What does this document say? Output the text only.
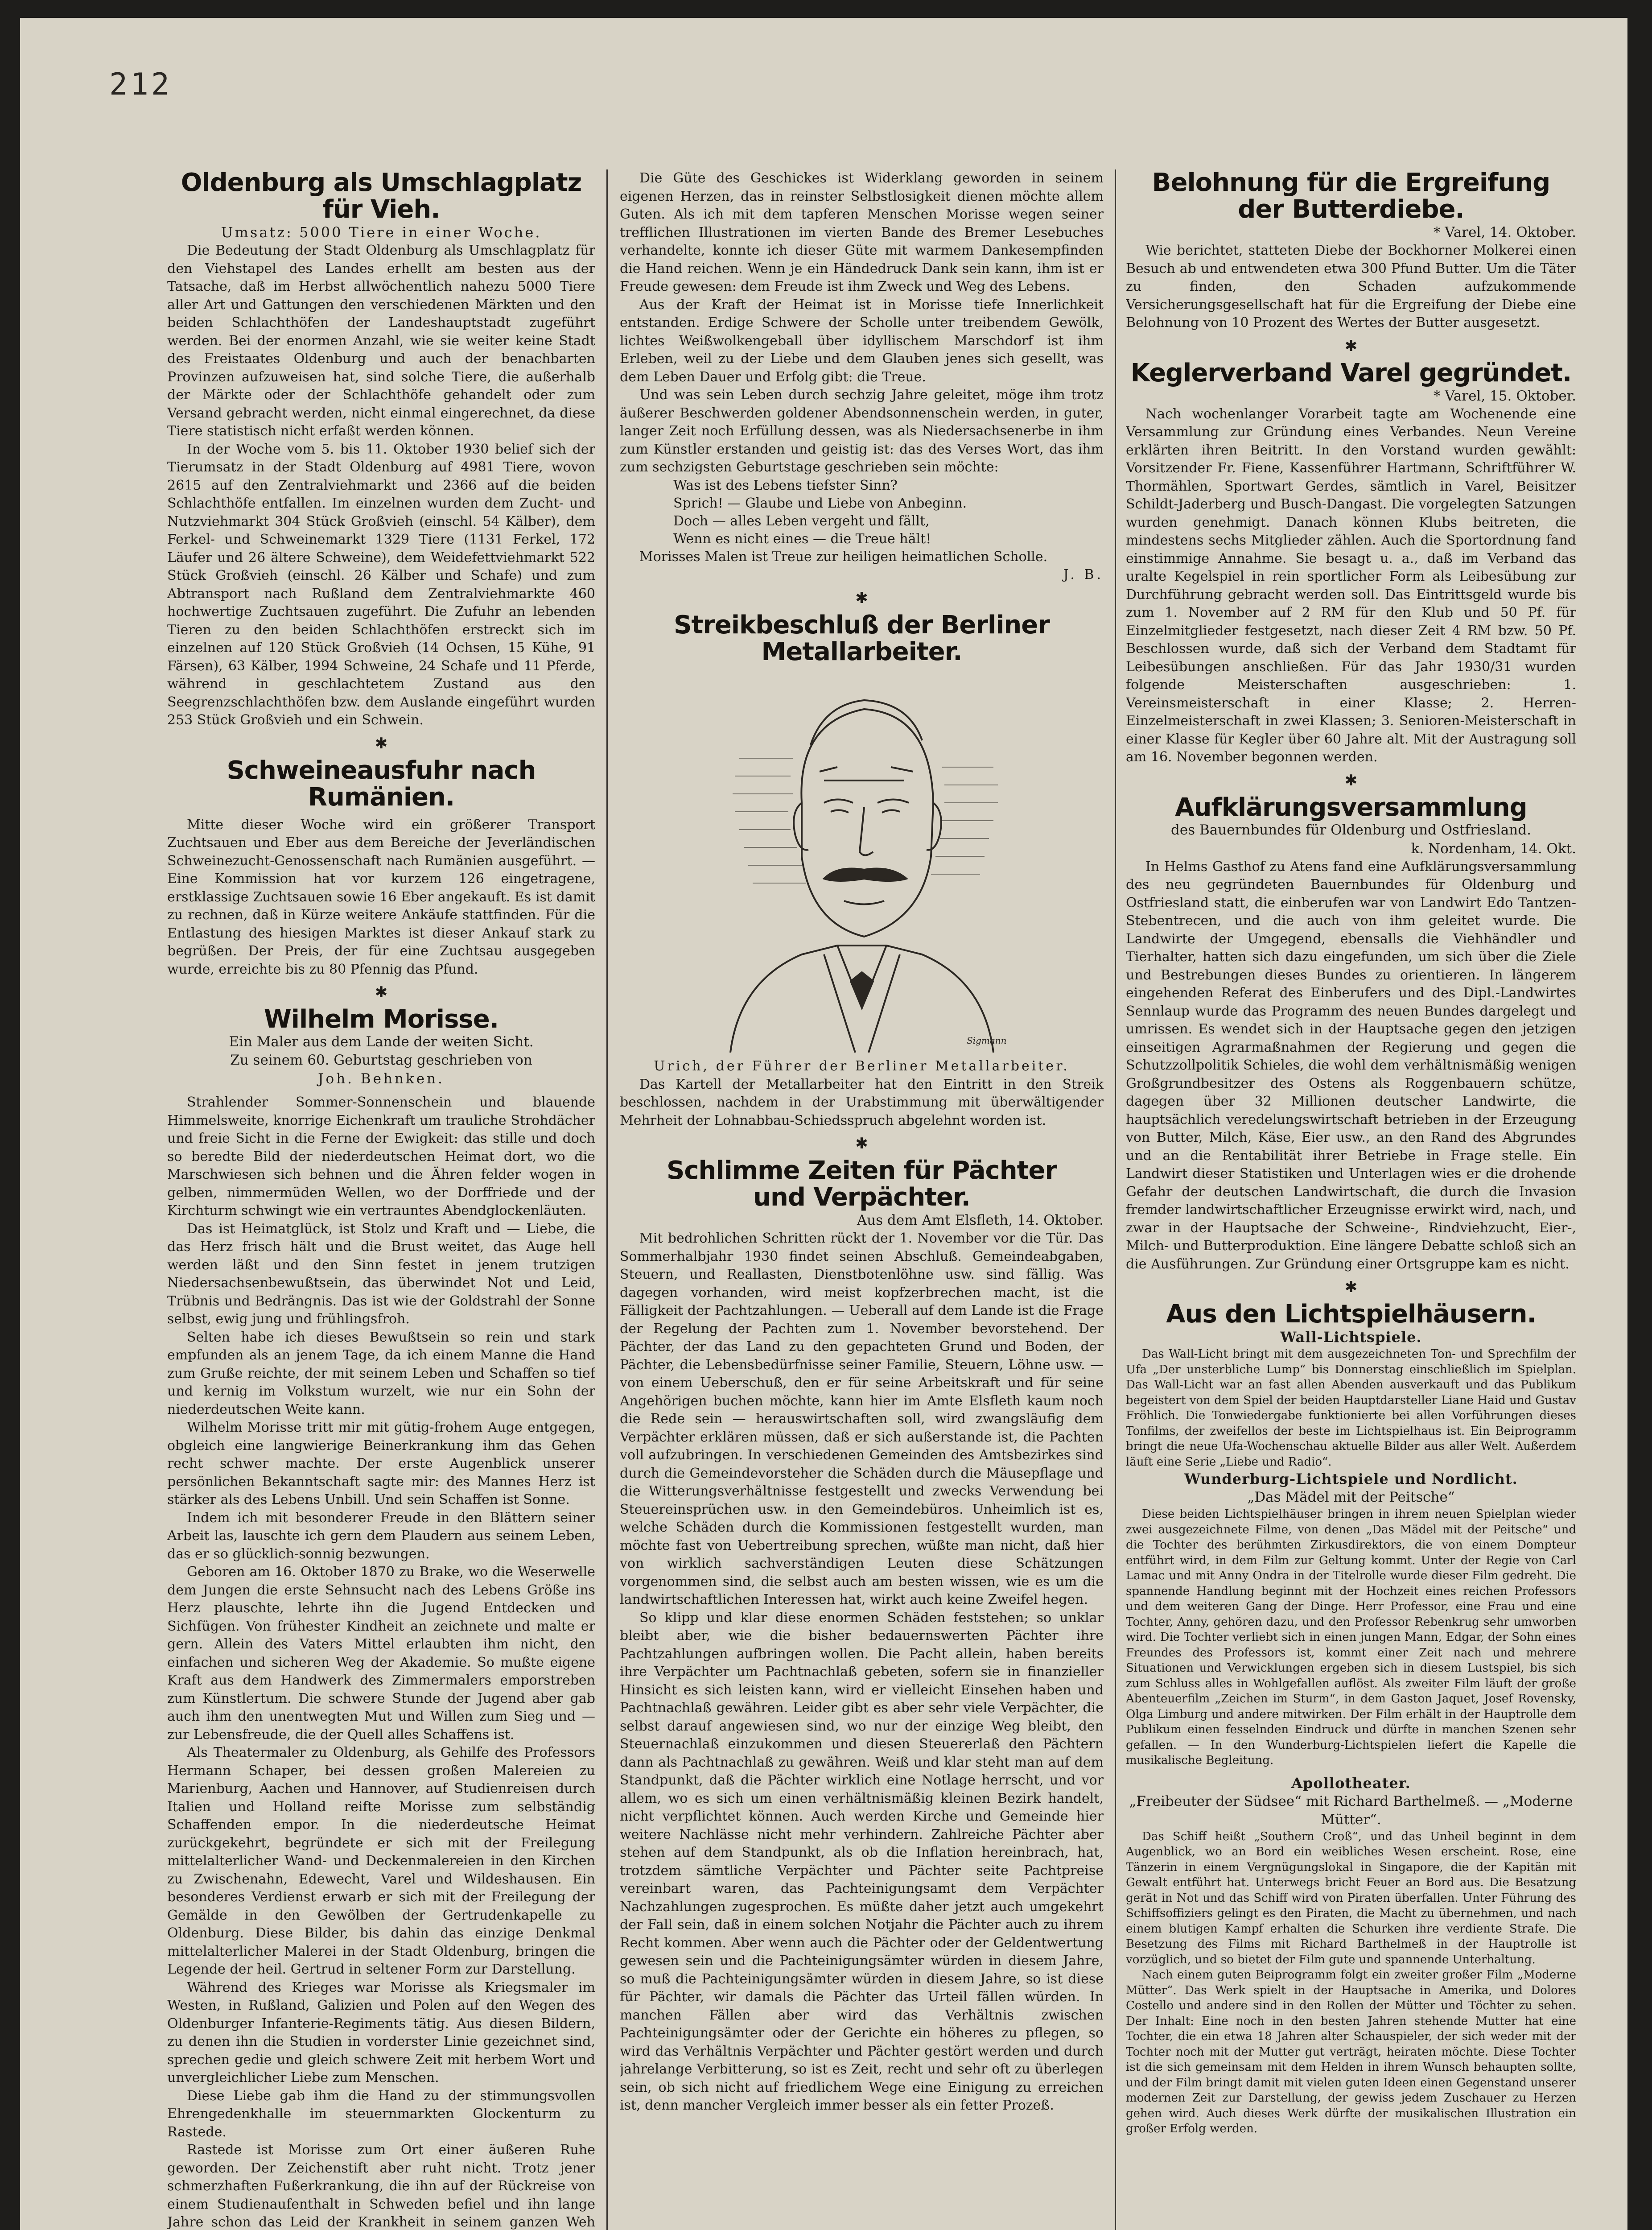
212
Oldenburg als Umschlagplatz für Vieh.
Umsatz: 5000 Tiere in einer Woche.

Die Bedeutung der Stadt Oldenburg als Umschlagplatz für den Viehstapel des Landes erhellt am besten aus der Tatsache, daß im Herbst allwöchentlich nahezu 5000 Tiere aller Art und Gattungen den verschiedenen Märkten und den beiden Schlachthöfen der Landeshauptstadt zugeführt werden. Bei der enormen Anzahl, wie sie weiter keine Stadt des Freistaates Oldenburg und auch der benachbarten Provinzen aufzuweisen hat, sind solche Tiere, die außerhalb der Märkte oder der Schlachthöfe gehandelt oder zum Versand gebracht werden, nicht einmal eingerechnet, da diese Tiere statistisch nicht erfaßt werden können.

In der Woche vom 5. bis 11. Oktober 1930 belief sich der Tierumsatz in der Stadt Oldenburg auf 4981 Tiere, wovon 2615 auf den Zentralviehmarkt und 2366 auf die beiden Schlachthöfe entfallen. Im einzelnen wurden dem Zucht- und Nutzviehmarkt 304 Stück Großvieh (einschl. 54 Kälber), dem Ferkel- und Schweinemarkt 1329 Tiere (1131 Ferkel, 172 Läufer und 26 ältere Schweine), dem Weidefettviehmarkt 522 Stück Großvieh (einschl. 26 Kälber und Schafe) und zum Abtransport nach Rußland dem Zentralviehmarkte 460 hochwertige Zuchtsauen zugeführt. Die Zufuhr an lebenden Tieren zu den beiden Schlachthöfen erstreckt sich im einzelnen auf 120 Stück Großvieh (14 Ochsen, 15 Kühe, 91 Färsen), 63 Kälber, 1994 Schweine, 24 Schafe und 11 Pferde, während in geschlachtetem Zustand aus den Seegrenzschlachthöfen bzw. dem Auslande eingeführt wurden 253 Stück Großvieh und ein Schwein.

✱
Schweineausfuhr nach Rumänien.

Mitte dieser Woche wird ein größerer Transport Zuchtsauen und Eber aus dem Bereiche der Jeverländischen Schweinezucht-Genossenschaft nach Rumänien ausgeführt. — Eine Kommission hat vor kurzem 126 eingetragene, erstklassige Zuchtsauen sowie 16 Eber angekauft. Es ist damit zu rechnen, daß in Kürze weitere Ankäufe stattfinden. Für die Entlastung des hiesigen Marktes ist dieser Ankauf stark zu begrüßen. Der Preis, der für eine Zuchtsau ausgegeben wurde, erreichte bis zu 80 Pfennig das Pfund.

✱
Wilhelm Morisse.
Ein Maler aus dem Lande der weiten Sicht.
Zu seinem 60. Geburtstag geschrieben von
Joh. Behnken.

Strahlender Sommer-Sonnenschein und blauende Himmelsweite, knorrige Eichenkraft um trauliche Strohdächer und freie Sicht in die Ferne der Ewigkeit: das stille und doch so beredte Bild der niederdeutschen Heimat dort, wo die Marschwiesen sich behnen und die Ähren felder wogen in gelben, nimmermüden Wellen, wo der Dorffriede und der Kirchturm schwingt wie ein vertrauntes Abendglockenläuten.

Das ist Heimatglück, ist Stolz und Kraft und — Liebe, die das Herz frisch hält und die Brust weitet, das Auge hell werden läßt und den Sinn festet in jenem trutzigen Niedersachsenbewußtsein, das überwindet Not und Leid, Trübnis und Bedrängnis. Das ist wie der Goldstrahl der Sonne selbst, ewig jung und frühlingsfroh.

Selten habe ich dieses Bewußtsein so rein und stark empfunden als an jenem Tage, da ich einem Manne die Hand zum Gruße reichte, der mit seinem Leben und Schaffen so tief und kernig im Volkstum wurzelt, wie nur ein Sohn der niederdeutschen Weite kann.

Wilhelm Morisse tritt mir mit gütig-frohem Auge entgegen, obgleich eine langwierige Beinerkrankung ihm das Gehen recht schwer machte. Der erste Augenblick unserer persönlichen Bekanntschaft sagte mir: des Mannes Herz ist stärker als des Lebens Unbill. Und sein Schaffen ist Sonne.

Indem ich mit besonderer Freude in den Blättern seiner Arbeit las, lauschte ich gern dem Plaudern aus seinem Leben, das er so glücklich-sonnig bezwungen.

Geboren am 16. Oktober 1870 zu Brake, wo die Weserwelle dem Jungen die erste Sehnsucht nach des Lebens Größe ins Herz plauschte, lehrte ihn die Jugend Entdecken und Sichfügen. Von frühester Kindheit an zeichnete und malte er gern. Allein des Vaters Mittel erlaubten ihm nicht, den einfachen und sicheren Weg der Akademie. So mußte eigene Kraft aus dem Handwerk des Zimmermalers emporstreben zum Künstlertum. Die schwere Stunde der Jugend aber gab auch ihm den unentwegten Mut und Willen zum Sieg und — zur Lebensfreude, die der Quell alles Schaffens ist.

Als Theatermaler zu Oldenburg, als Gehilfe des Professors Hermann Schaper, bei dessen großen Malereien zu Marienburg, Aachen und Hannover, auf Studienreisen durch Italien und Holland reifte Morisse zum selbständig Schaffenden empor. In die niederdeutsche Heimat zurückgekehrt, begründete er sich mit der Freilegung mittelalterlicher Wand- und Deckenmalereien in den Kirchen zu Zwischenahn, Edewecht, Varel und Wildeshausen. Ein besonderes Verdienst erwarb er sich mit der Freilegung der Gemälde in den Gewölben der Gertrudenkapelle zu Oldenburg. Diese Bilder, bis dahin das einzige Denkmal mittelalterlicher Malerei in der Stadt Oldenburg, bringen die Legende der heil. Gertrud in seltener Form zur Darstellung.

Während des Krieges war Morisse als Kriegsmaler im Westen, in Rußland, Galizien und Polen auf den Wegen des Oldenburger Infanterie-Regiments tätig. Aus diesen Bildern, zu denen ihn die Studien in vorderster Linie gezeichnet sind, sprechen gedie und gleich schwere Zeit mit herbem Wort und unvergleichlicher Liebe zum Menschen.

Diese Liebe gab ihm die Hand zu der stimmungsvollen Ehrengedenkhalle im steuernmarkten Glockenturm zu Rastede.

Rastede ist Morisse zum Ort einer äußeren Ruhe geworden. Der Zeichenstift aber ruht nicht. Trotz jener schmerzhaften Fußerkrankung, die ihn auf der Rückreise von einem Studienaufenthalt in Schweden befiel und ihn lange Jahre schon das Leid der Krankheit in seinem ganzen Weh

Die Güte des Geschickes ist Widerklang geworden in seinem eigenen Herzen, das in reinster Selbstlosigkeit dienen möchte allem Guten. Als ich mit dem tapferen Menschen Morisse wegen seiner trefflichen Illustrationen im vierten Bande des Bremer Lesebuches verhandelte, konnte ich dieser Güte mit warmem Dankesempfinden die Hand reichen. Wenn je ein Händedruck Dank sein kann, ihm ist er Freude gewesen: dem Freude ist ihm Zweck und Weg des Lebens.

Aus der Kraft der Heimat ist in Morisse tiefe Innerlichkeit entstanden. Erdige Schwere der Scholle unter treibendem Gewölk, lichtes Weißwolkengeball über idyllischem Marschdorf ist ihm Erleben, weil zu der Liebe und dem Glauben jenes sich gesellt, was dem Leben Dauer und Erfolg gibt: die Treue.

Und was sein Leben durch sechzig Jahre geleitet, möge ihm trotz äußerer Beschwerden goldener Abendsonnenschein werden, in guter, langer Zeit noch Erfüllung dessen, was als Niedersachsenerbe in ihm zum Künstler erstanden und geistig ist: das des Verses Wort, das ihm zum sechzigsten Geburtstage geschrieben sein möchte:

Was ist des Lebens tiefster Sinn?
Sprich! — Glaube und Liebe von Anbeginn.
Doch — alles Leben vergeht und fällt,
Wenn es nicht eines — die Treue hält!

Morisses Malen ist Treue zur heiligen heimatlichen Scholle.

J. B.
✱
Streikbeschluß der Berliner Metallarbeiter.
Sigmann
Urich, der Führer der Berliner Metallarbeiter.

Das Kartell der Metallarbeiter hat den Eintritt in den Streik beschlossen, nachdem in der Urabstimmung mit überwältigender Mehrheit der Lohnabbau-Schiedsspruch abgelehnt worden ist.

✱
Schlimme Zeiten für Pächter
und Verpächter.
Aus dem Amt Elsfleth, 14. Oktober.

Mit bedrohlichen Schritten rückt der 1. November vor die Tür. Das Sommerhalbjahr 1930 findet seinen Abschluß. Gemeindeabgaben, Steuern, und Reallasten, Dienstbotenlöhne usw. sind fällig. Was dagegen vorhanden, wird meist kopfzerbrechen macht, ist die Fälligkeit der Pachtzahlungen. — Ueberall auf dem Lande ist die Frage der Regelung der Pachten zum 1. November bevorstehend. Der Pächter, der das Land zu den gepachteten Grund und Boden, der Pächter, die Lebensbedürfnisse seiner Familie, Steuern, Löhne usw. — von einem Ueberschuß, den er für seine Arbeitskraft und für seine Angehörigen buchen möchte, kann hier im Amte Elsfleth kaum noch die Rede sein — herauswirtschaften soll, wird zwangsläufig dem Verpächter erklären müssen, daß er sich außerstande ist, die Pachten voll aufzubringen. In verschiedenen Gemeinden des Amtsbezirkes sind durch die Gemeindevorsteher die Schäden durch die Mäusepflage und die Witterungsverhältnisse festgestellt und zwecks Verwendung bei Steuereinsprüchen usw. in den Gemeindebüros. Unheimlich ist es, welche Schäden durch die Kommissionen festgestellt wurden, man möchte fast von Uebertreibung sprechen, wüßte man nicht, daß hier von wirklich sachverständigen Leuten diese Schätzungen vorgenommen sind, die selbst auch am besten wissen, wie es um die landwirtschaftlichen Interessen hat, wirkt auch keine Zweifel hegen.

So klipp und klar diese enormen Schäden feststehen; so unklar bleibt aber, wie die bisher bedauernswerten Pächter ihre Pachtzahlungen aufbringen wollen. Die Pacht allein, haben bereits ihre Verpächter um Pachtnachlaß gebeten, sofern sie in finanzieller Hinsicht es sich leisten kann, wird er vielleicht Einsehen haben und Pachtnachlaß gewähren. Leider gibt es aber sehr viele Verpächter, die selbst darauf angewiesen sind, wo nur der einzige Weg bleibt, den Steuernachlaß einzukommen und diesen Steuererlaß den Pächtern dann als Pachtnachlaß zu gewähren. Weiß und klar steht man auf dem Standpunkt, daß die Pächter wirklich eine Notlage herrscht, und vor allem, wo es sich um einen verhältnismäßig kleinen Bezirk handelt, nicht verpflichtet können. Auch werden Kirche und Gemeinde hier weitere Nachlässe nicht mehr verhindern. Zahlreiche Pächter aber stehen auf dem Standpunkt, als ob die Inflation hereinbrach, hat, trotzdem sämtliche Verpächter und Pächter seite Pachtpreise vereinbart waren, das Pachteinigungsamt dem Verpächter Nachzahlungen zugesprochen. Es müßte daher jetzt auch umgekehrt der Fall sein, daß in einem solchen Notjahr die Pächter auch zu ihrem Recht kommen. Aber wenn auch die Pächter oder der Geldentwertung gewesen sein und die Pachteinigungsämter würden in diesem Jahre, so muß die Pachteinigungsämter würden in diesem Jahre, so ist diese für Pächter, wir damals die Pächter das Urteil fällen würden. In manchen Fällen aber wird das Verhältnis zwischen Pachteinigungsämter oder der Gerichte ein höheres zu pflegen, so wird das Verhältnis Verpächter und Pächter gestört werden und durch jahrelange Verbitterung, so ist es Zeit, recht und sehr oft zu überlegen sein, ob sich nicht auf friedlichem Wege eine Einigung zu erreichen ist, denn mancher Vergleich immer besser als ein fetter Prozeß.

Belohnung für die Ergreifung
der Butterdiebe.
* Varel, 14. Oktober.

Wie berichtet, statteten Diebe der Bockhorner Molkerei einen Besuch ab und entwendeten etwa 300 Pfund Butter. Um die Täter zu finden, den Schaden aufzukommende Versicherungsgesellschaft hat für die Ergreifung der Diebe eine Belohnung von 10 Prozent des Wertes der Butter ausgesetzt.

✱
Keglerverband Varel gegründet.
* Varel, 15. Oktober.

Nach wochenlanger Vorarbeit tagte am Wochenende eine Versammlung zur Gründung eines Verbandes. Neun Vereine erklärten ihren Beitritt. In den Vorstand wurden gewählt: Vorsitzender Fr. Fiene, Kassenführer Hartmann, Schriftführer W. Thormählen, Sportwart Gerdes, sämtlich in Varel, Beisitzer Schildt-Jaderberg und Busch-Dangast. Die vorgelegten Satzungen wurden genehmigt. Danach können Klubs beitreten, die mindestens sechs Mitglieder zählen. Auch die Sportordnung fand einstimmige Annahme. Sie besagt u. a., daß im Verband das uralte Kegelspiel in rein sportlicher Form als Leibesübung zur Durchführung gebracht werden soll. Das Eintrittsgeld wurde bis zum 1. November auf 2 RM für den Klub und 50 Pf. für Einzelmitglieder festgesetzt, nach dieser Zeit 4 RM bzw. 50 Pf. Beschlossen wurde, daß sich der Verband dem Stadtamt für Leibesübungen anschließen. Für das Jahr 1930/31 wurden folgende Meisterschaften ausgeschrieben: 1. Vereinsmeisterschaft in einer Klasse; 2. Herren-Einzelmeisterschaft in zwei Klassen; 3. Senioren-Meisterschaft in einer Klasse für Kegler über 60 Jahre alt. Mit der Austragung soll am 16. November begonnen werden.

✱
Aufklärungsversammlung
des Bauernbundes für Oldenburg und Ostfriesland.
k. Nordenham, 14. Okt.

In Helms Gasthof zu Atens fand eine Aufklärungsversammlung des neu gegründeten Bauernbundes für Oldenburg und Ostfriesland statt, die einberufen war von Landwirt Edo Tantzen-Stebentrecen, und die auch von ihm geleitet wurde. Die Landwirte der Umgegend, ebensalls die Viehhändler und Tierhalter, hatten sich dazu eingefunden, um sich über die Ziele und Bestrebungen dieses Bundes zu orientieren. In längerem eingehenden Referat des Einberufers und des Dipl.-Landwirtes Sennlaup wurde das Programm des neuen Bundes dargelegt und umrissen. Es wendet sich in der Hauptsache gegen den jetzigen einseitigen Agrarmaßnahmen der Regierung und gegen die Schutzzollpolitik Schieles, die wohl dem verhältnismäßig wenigen Großgrundbesitzer des Ostens als Roggenbauern schütze, dagegen über 32 Millionen deutscher Landwirte, die hauptsächlich veredelungswirtschaft betrieben in der Erzeugung von Butter, Milch, Käse, Eier usw., an den Rand des Abgrundes und an die Rentabilität ihrer Betriebe in Frage stelle. Ein Landwirt dieser Statistiken und Unterlagen wies er die drohende Gefahr der deutschen Landwirtschaft, die durch die Invasion fremder landwirtschaftlicher Erzeugnisse erwirkt wird, nach, und zwar in der Hauptsache der Schweine-, Rindviehzucht, Eier-, Milch- und Butterproduktion. Eine längere Debatte schloß sich an die Ausführungen. Zur Gründung einer Ortsgruppe kam es nicht.

✱
Aus den Lichtspielhäusern.
Wall-Lichtspiele.

Das Wall-Licht bringt mit dem ausgezeichneten Ton- und Sprechfilm der Ufa „Der unsterbliche Lump“ bis Donnerstag einschließlich im Spielplan. Das Wall-Licht war an fast allen Abenden ausverkauft und das Publikum begeistert von dem Spiel der beiden Hauptdarsteller Liane Haid und Gustav Fröhlich. Die Tonwiedergabe funktionierte bei allen Vorführungen dieses Tonfilms, der zweifellos der beste im Lichtspielhaus ist. Ein Beiprogramm bringt die neue Ufa-Wochenschau aktuelle Bilder aus aller Welt. Außerdem läuft eine Serie „Liebe und Radio“.

Wunderburg-Lichtspiele und Nordlicht.
„Das Mädel mit der Peitsche“

Diese beiden Lichtspielhäuser bringen in ihrem neuen Spielplan wieder zwei ausgezeichnete Filme, von denen „Das Mädel mit der Peitsche“ und die Tochter des berühmten Zirkusdirektors, die von einem Dompteur entführt wird, in dem Film zur Geltung kommt. Unter der Regie von Carl Lamac und mit Anny Ondra in der Titelrolle wurde dieser Film gedreht. Die spannende Handlung beginnt mit der Hochzeit eines reichen Professors und dem weiteren Gang der Dinge. Herr Professor, eine Frau und eine Tochter, Anny, gehören dazu, und den Professor Rebenkrug sehr umworben wird. Die Tochter verliebt sich in einen jungen Mann, Edgar, der Sohn eines Freundes des Professors ist, kommt einer Zeit nach und mehrere Situationen und Verwicklungen ergeben sich in diesem Lustspiel, bis sich zum Schluss alles in Wohlgefallen auflöst. Als zweiter Film läuft der große Abenteuerfilm „Zeichen im Sturm“, in dem Gaston Jaquet, Josef Rovensky, Olga Limburg und andere mitwirken. Der Film erhält in der Hauptrolle dem Publikum einen fesselnden Eindruck und dürfte in manchen Szenen sehr gefallen. — In den Wunderburg-Lichtspielen liefert die Kapelle die musikalische Begleitung.

Apollotheater.
„Freibeuter der Südsee“ mit Richard Barthelmeß. — „Moderne Mütter“.

Das Schiff heißt „Southern Croß“, und das Unheil beginnt in dem Augenblick, wo an Bord ein weibliches Wesen erscheint. Rose, eine Tänzerin in einem Vergnügungslokal in Singapore, die der Kapitän mit Gewalt entführt hat. Unterwegs bricht Feuer an Bord aus. Die Besatzung gerät in Not und das Schiff wird von Piraten überfallen. Unter Führung des Schiffsoffiziers gelingt es den Piraten, die Macht zu übernehmen, und nach einem blutigen Kampf erhalten die Schurken ihre verdiente Strafe. Die Besetzung des Films mit Richard Barthelmeß in der Hauptrolle ist vorzüglich, und so bietet der Film gute und spannende Unterhaltung.

Nach einem guten Beiprogramm folgt ein zweiter großer Film „Moderne Mütter“. Das Werk spielt in der Hauptsache in Amerika, und Dolores Costello und andere sind in den Rollen der Mütter und Töchter zu sehen. Der Inhalt: Eine noch in den besten Jahren stehende Mutter hat eine Tochter, die ein etwa 18 Jahren alter Schauspieler, der sich weder mit der Tochter noch mit der Mutter gut verträgt, heiraten möchte. Diese Tochter ist die sich gemeinsam mit dem Helden in ihrem Wunsch behaupten sollte, und der Film bringt damit mit vielen guten Ideen einen Gegenstand unserer modernen Zeit zur Darstellung, der gewiss jedem Zuschauer zu Herzen gehen wird. Auch dieses Werk dürfte der musikalischen Illustration ein großer Erfolg werden.
